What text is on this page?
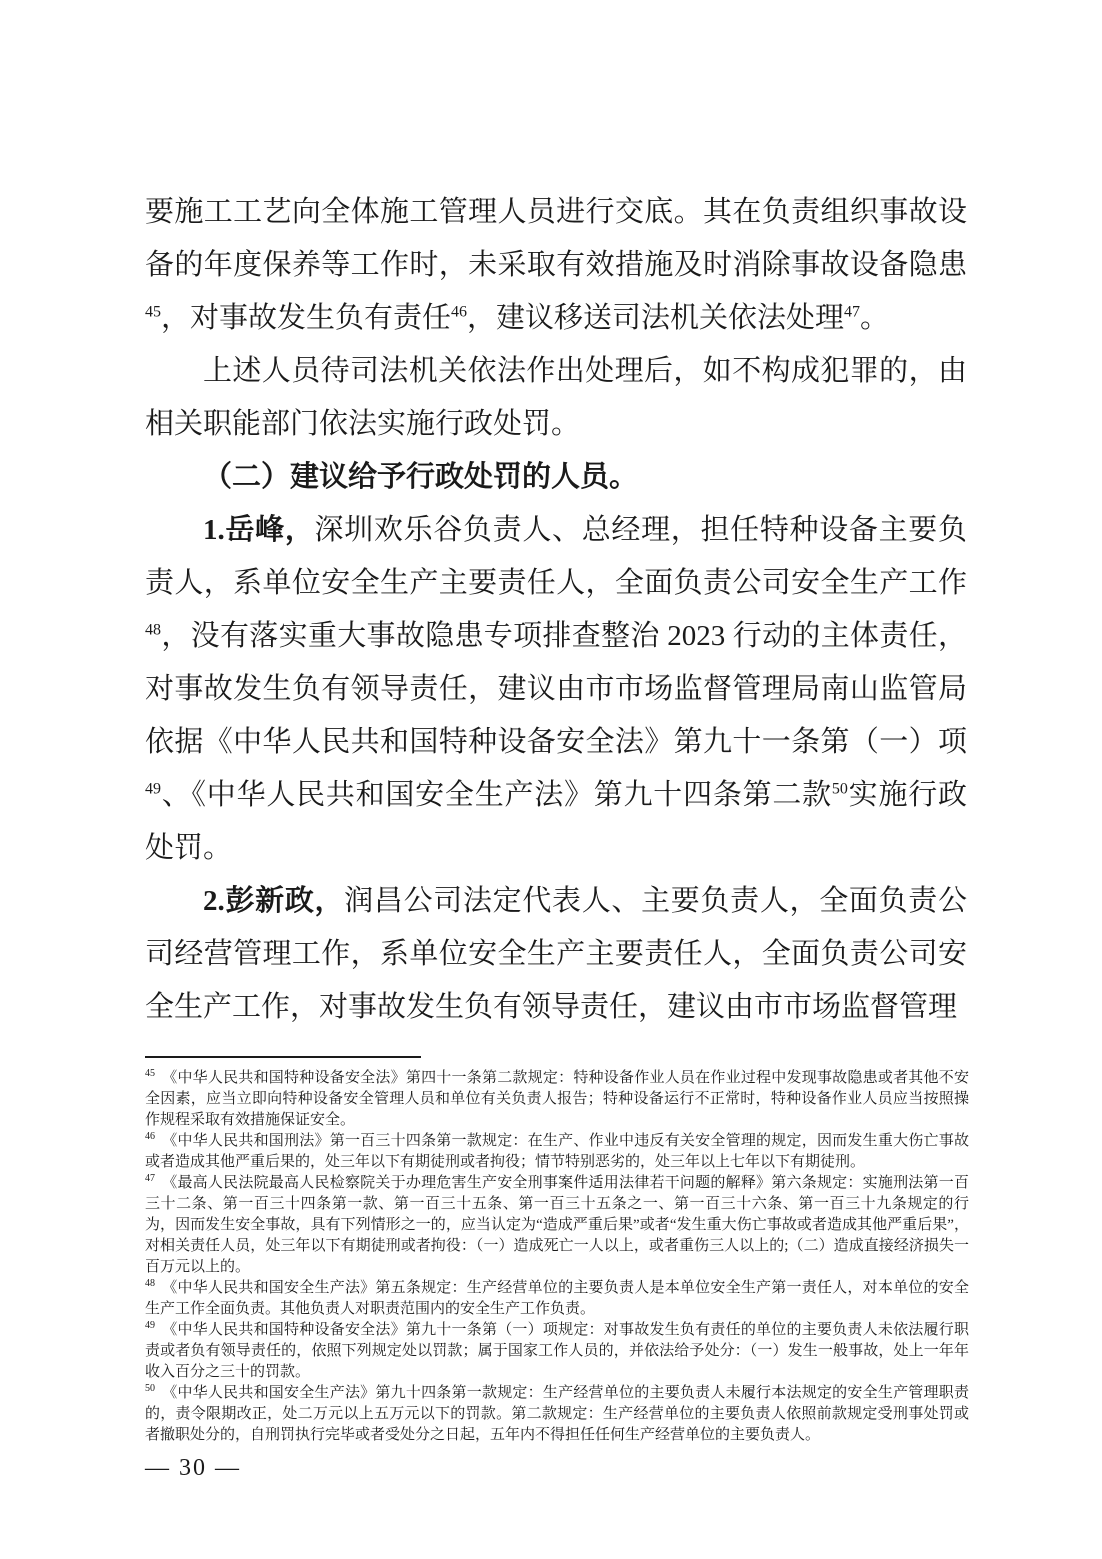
要施工工艺向全体施工管理人员进行交底。其在负责组织事故设备的年度保养等工作时，未采取有效措施及时消除事故设备隐患$^{45}$，对事故发生负有责任$^{46}$，建议移送司法机关依法处理$^{47}$。

上述人员待司法机关依法作出处理后，如不构成犯罪的，由相关职能部门依法实施行政处罚。

（二）建议给予行政处罚的人员。

1.岳峰，深圳欢乐谷负责人、总经理，担任特种设备主要负责人，系单位安全生产主要责任人，全面负责公司安全生产工作$^{48}$，没有落实重大事故隐患专项排查整治 2023 行动的主体责任，对事故发生负有领导责任，建议由市市场监督管理局南山监管局依据《中华人民共和国特种设备安全法》第九十一条第（一）项$^{49}$、《中华人民共和国安全生产法》第九十四条第二款$^{50}$实施行政处罚。

2.彭新政，润昌公司法定代表人、主要负责人，全面负责公司经营管理工作，系单位安全生产主要责任人，全面负责公司安全生产工作，对事故发生负有领导责任，建议由市市场监督管理

$^{45}$ 《中华人民共和国特种设备安全法》第四十一条第二款规定：特种设备作业人员在作业过程中发现事故隐患或者其他不安全因素，应当立即向特种设备安全管理人员和单位有关负责人报告；特种设备运行不正常时，特种设备作业人员应当按照操作规程采取有效措施保证安全。

$^{46}$ 《中华人民共和国刑法》第一百三十四条第一款规定：在生产、作业中违反有关安全管理的规定，因而发生重大伤亡事故或者造成其他严重后果的，处三年以下有期徒刑或者拘役；情节特别恶劣的，处三年以上七年以下有期徒刑。

$^{47}$ 《最高人民法院最高人民检察院关于办理危害生产安全刑事案件适用法律若干问题的解释》第六条规定：实施刑法第一百三十二条、第一百三十四条第一款、第一百三十五条、第一百三十五条之一、第一百三十六条、第一百三十九条规定的行为，因而发生安全事故，具有下列情形之一的，应当认定为“造成严重后果”或者“发生重大伤亡事故或者造成其他严重后果”，对相关责任人员，处三年以下有期徒刑或者拘役：（一）造成死亡一人以上，或者重伤三人以上的;（二）造成直接经济损失一百万元以上的。

$^{48}$ 《中华人民共和国安全生产法》第五条规定：生产经营单位的主要负责人是本单位安全生产第一责任人，对本单位的安全生产工作全面负责。其他负责人对职责范围内的安全生产工作负责。

$^{49}$ 《中华人民共和国特种设备安全法》第九十一条第（一）项规定：对事故发生负有责任的单位的主要负责人未依法履行职责或者负有领导责任的，依照下列规定处以罚款；属于国家工作人员的，并依法给予处分：（一）发生一般事故，处上一年年收入百分之三十的罚款。

$^{50}$ 《中华人民共和国安全生产法》第九十四条第一款规定：生产经营单位的主要负责人未履行本法规定的安全生产管理职责的，责令限期改正，处二万元以上五万元以下的罚款。第二款规定：生产经营单位的主要负责人依照前款规定受刑事处罚或者撤职处分的，自刑罚执行完毕或者受处分之日起，五年内不得担任任何生产经营单位的主要负责人。

— 30 —
